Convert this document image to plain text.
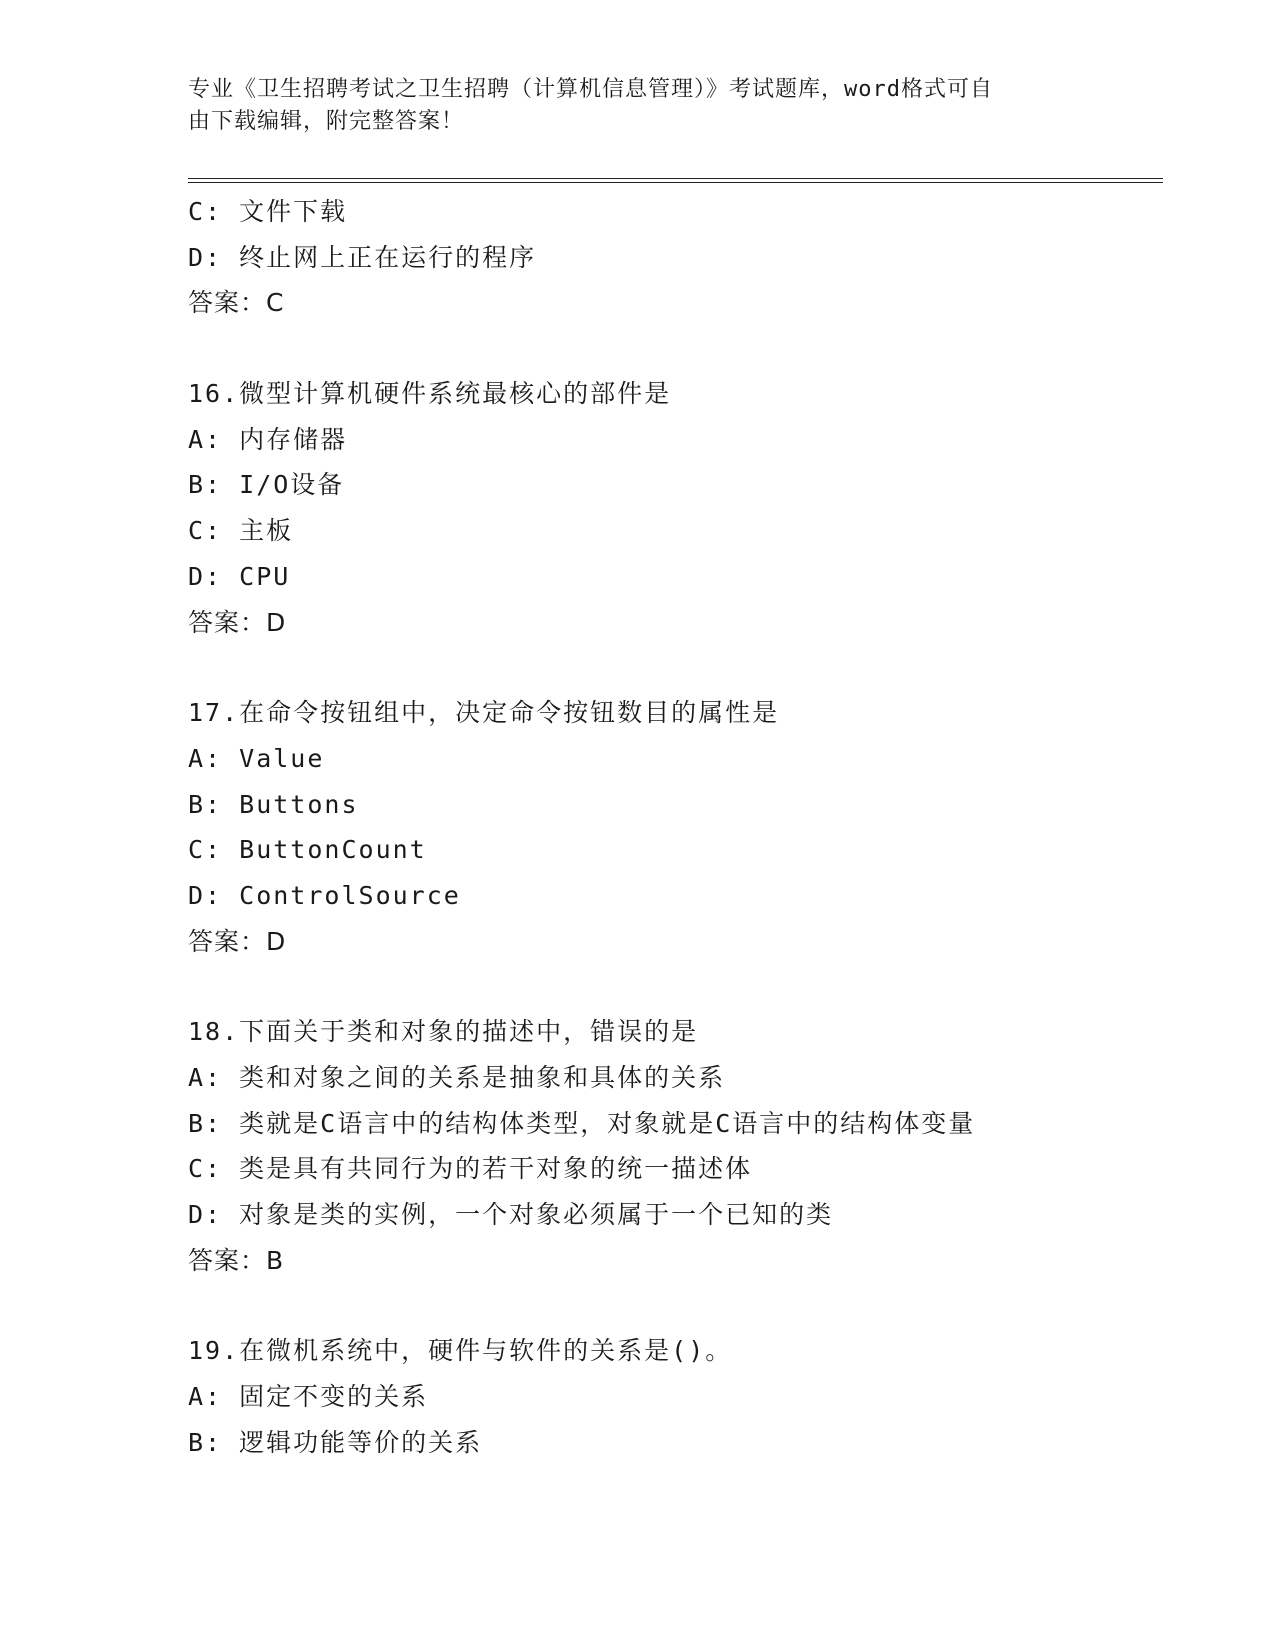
专业《卫生招聘考试之卫生招聘（计算机信息管理）》考试题库，word格式可自
由下载编辑，附完整答案！
C: 文件下载
D: 终止网上正在运行的程序
答案：C
16.微型计算机硬件系统最核心的部件是
A: 内存储器
B: I/O设备
C: 主板
D: CPU
答案：D
17.在命令按钮组中，决定命令按钮数目的属性是
A: Value
B: Buttons
C: ButtonCount
D: ControlSource
答案：D
18.下面关于类和对象的描述中，错误的是
A: 类和对象之间的关系是抽象和具体的关系
B: 类就是C语言中的结构体类型，对象就是C语言中的结构体变量
C: 类是具有共同行为的若干对象的统一描述体
D: 对象是类的实例，一个对象必须属于一个已知的类
答案：B
19.在微机系统中，硬件与软件的关系是()。
A: 固定不变的关系
B: 逻辑功能等价的关系
